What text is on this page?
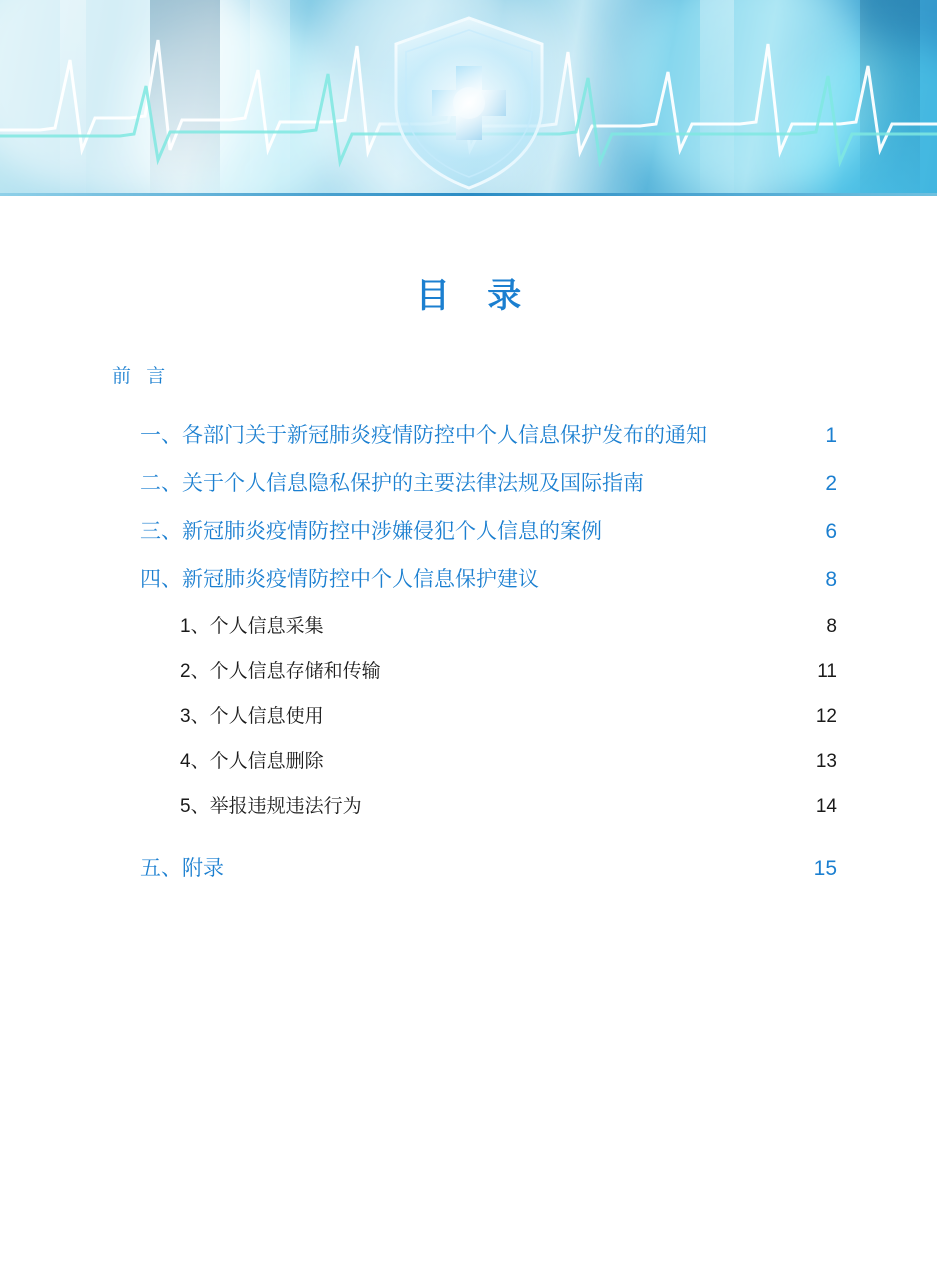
目 录
前 言
一、各部门关于新冠肺炎疫情防控中个人信息保护发布的通知	1
二、关于个人信息隐私保护的主要法律法规及国际指南	2
三、新冠肺炎疫情防控中涉嫌侵犯个人信息的案例	6
四、新冠肺炎疫情防控中个人信息保护建议	8
1、个人信息采集	8
2、个人信息存储和传输	11
3、个人信息使用	12
4、个人信息删除	13
5、举报违规违法行为	14
五、附录	15
